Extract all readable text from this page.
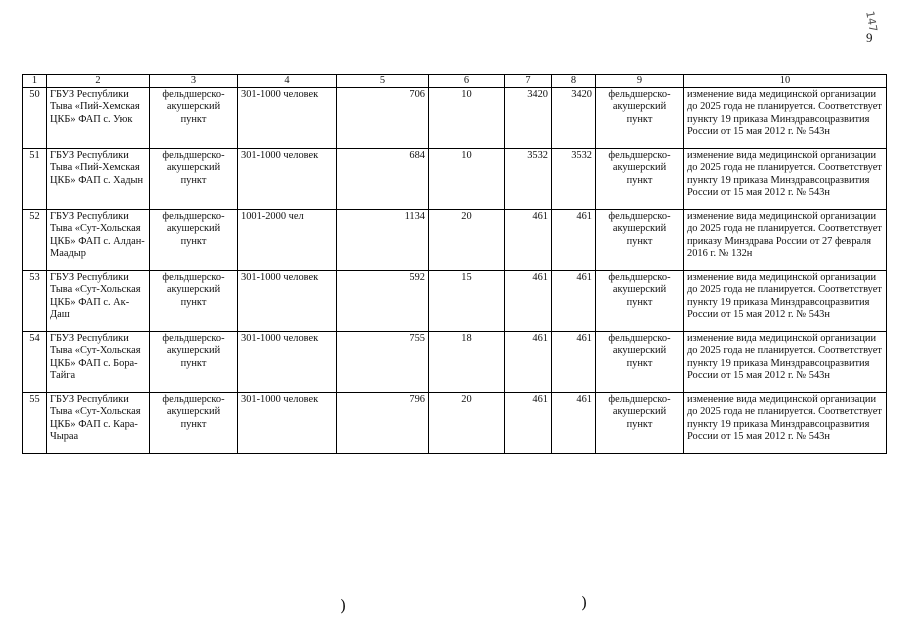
147
9
1	2	3	4	5	6	7	8	9	10
50	ГБУЗ Республики Тыва «Пий-Хемская ЦКБ» ФАП с. Уюк	фельдшерско-акушерский пункт	301-1000 человек	706	10	3420	3420	фельдшерско-акушерский пункт	изменение вида медицинской организации до 2025 года не планируется. Соответствует пункту 19 приказа Минздравсоцразвития России от 15 мая 2012 г. № 543н
51	ГБУЗ Республики Тыва «Пий-Хемская ЦКБ» ФАП с. Хадын	фельдшерско-акушерский пункт	301-1000 человек	684	10	3532	3532	фельдшерско-акушерский пункт	изменение вида медицинской организации до 2025 года не планируется. Соответствует пункту 19 приказа Минздравсоцразвития России от 15 мая 2012 г. № 543н
52	ГБУЗ Республики Тыва «Сут-Хольская ЦКБ» ФАП с. Алдан-Маадыр	фельдшерско-акушерский пункт	1001-2000 чел	1134	20	461	461	фельдшерско-акушерский пункт	изменение вида медицинской организации до 2025 года не планируется. Соответствует приказу Минздрава России от 27 февраля 2016 г. № 132н
53	ГБУЗ Республики Тыва «Сут-Хольская ЦКБ» ФАП с. Ак-Даш	фельдшерско-акушерский пункт	301-1000 человек	592	15	461	461	фельдшерско-акушерский пункт	изменение вида медицинской организации до 2025 года не планируется. Соответствует пункту 19 приказа Минздравсоцразвития России от 15 мая 2012 г. № 543н
54	ГБУЗ Республики Тыва «Сут-Хольская ЦКБ» ФАП с. Бора-Тайга	фельдшерско-акушерский пункт	301-1000 человек	755	18	461	461	фельдшерско-акушерский пункт	изменение вида медицинской организации до 2025 года не планируется. Соответствует пункту 19 приказа Минздравсоцразвития России от 15 мая 2012 г. № 543н
55	ГБУЗ Республики Тыва «Сут-Хольская ЦКБ» ФАП с. Кара-Чыраа	фельдшерско-акушерский пункт	301-1000 человек	796	20	461	461	фельдшерско-акушерский пункт	изменение вида медицинской организации до 2025 года не планируется. Соответствует пункту 19 приказа Минздравсоцразвития России от 15 мая 2012 г. № 543н
)	)
